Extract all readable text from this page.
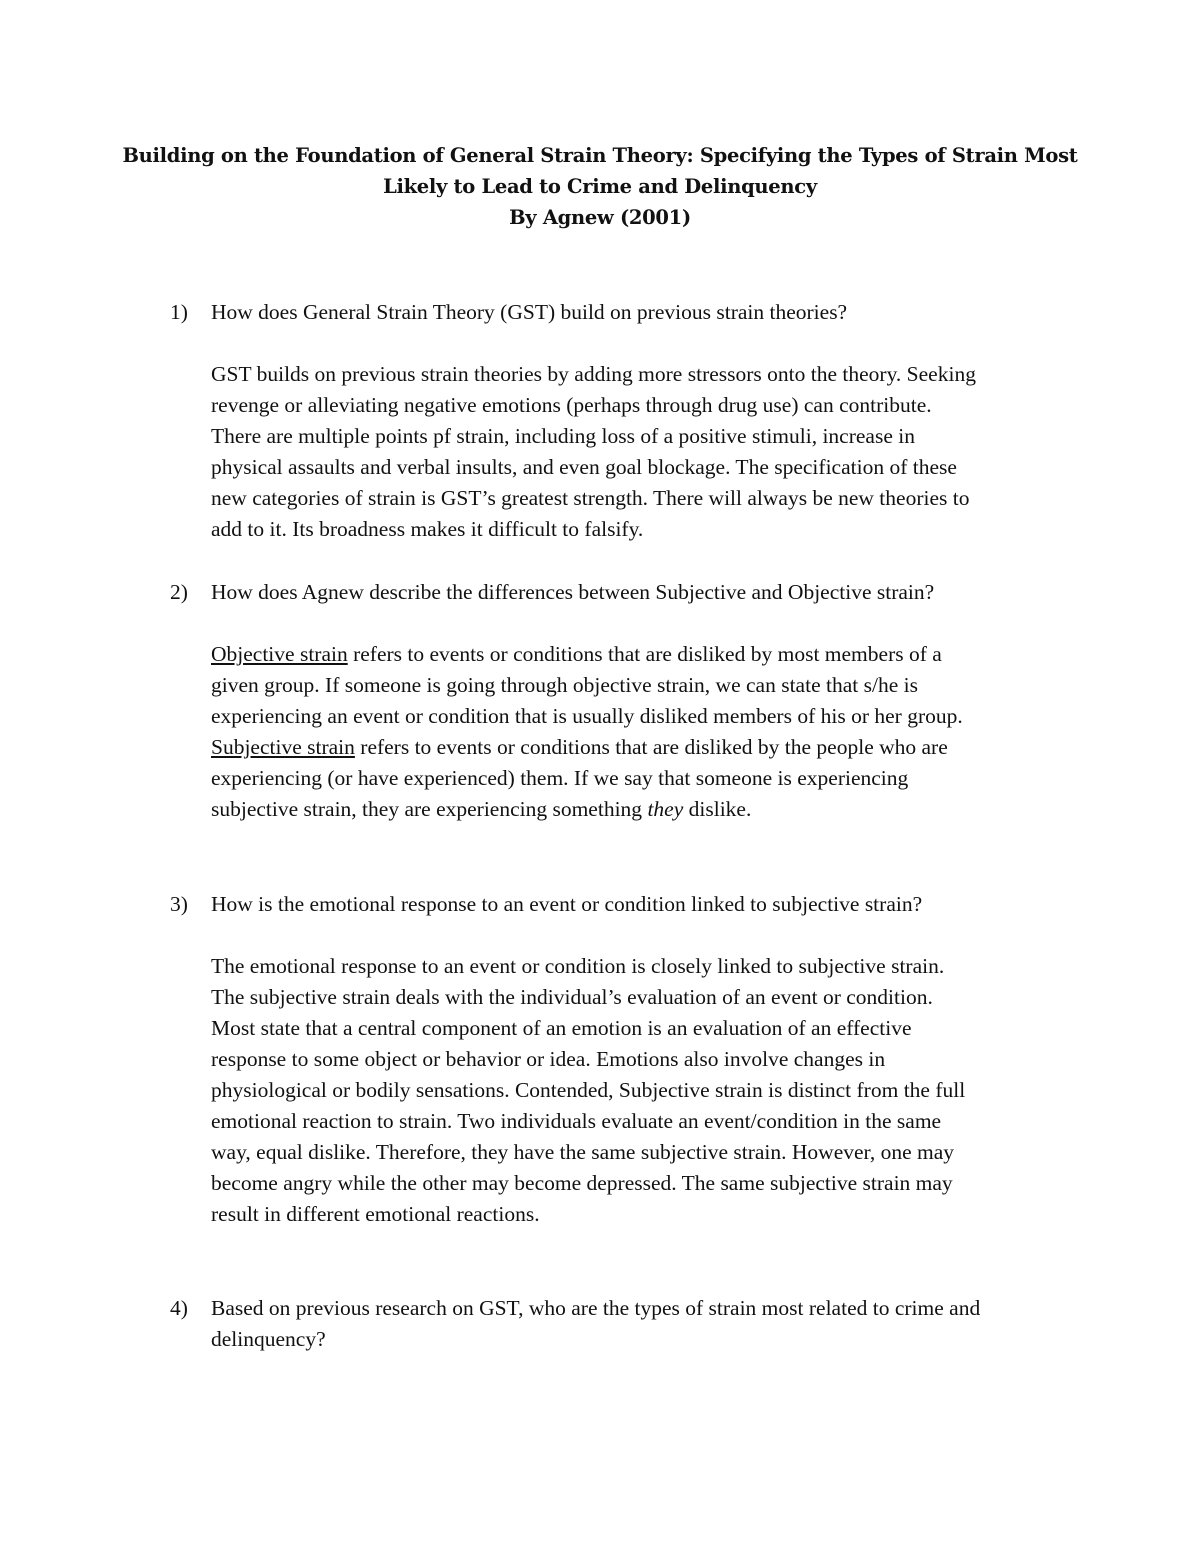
Building on the Foundation of General Strain Theory: Specifying the Types of Strain Most
Likely to Lead to Crime and Delinquency
By Agnew (2001)
1) How does General Strain Theory (GST) build on previous strain theories?
GST builds on previous strain theories by adding more stressors onto the theory. Seeking
revenge or alleviating negative emotions (perhaps through drug use) can contribute.
There are multiple points pf strain, including loss of a positive stimuli, increase in
physical assaults and verbal insults, and even goal blockage. The specification of these
new categories of strain is GST’s greatest strength. There will always be new theories to
add to it. Its broadness makes it difficult to falsify.
2) How does Agnew describe the differences between Subjective and Objective strain?
Objective strain refers to events or conditions that are disliked by most members of a
given group. If someone is going through objective strain, we can state that s/he is
experiencing an event or condition that is usually disliked members of his or her group.
Subjective strain refers to events or conditions that are disliked by the people who are
experiencing (or have experienced) them. If we say that someone is experiencing
subjective strain, they are experiencing something they dislike.
3) How is the emotional response to an event or condition linked to subjective strain?
The emotional response to an event or condition is closely linked to subjective strain.
The subjective strain deals with the individual’s evaluation of an event or condition.
Most state that a central component of an emotion is an evaluation of an effective
response to some object or behavior or idea. Emotions also involve changes in
physiological or bodily sensations. Contended, Subjective strain is distinct from the full
emotional reaction to strain. Two individuals evaluate an event/condition in the same
way, equal dislike. Therefore, they have the same subjective strain. However, one may
become angry while the other may become depressed. The same subjective strain may
result in different emotional reactions.
4) Based on previous research on GST, who are the types of strain most related to crime and
delinquency?
